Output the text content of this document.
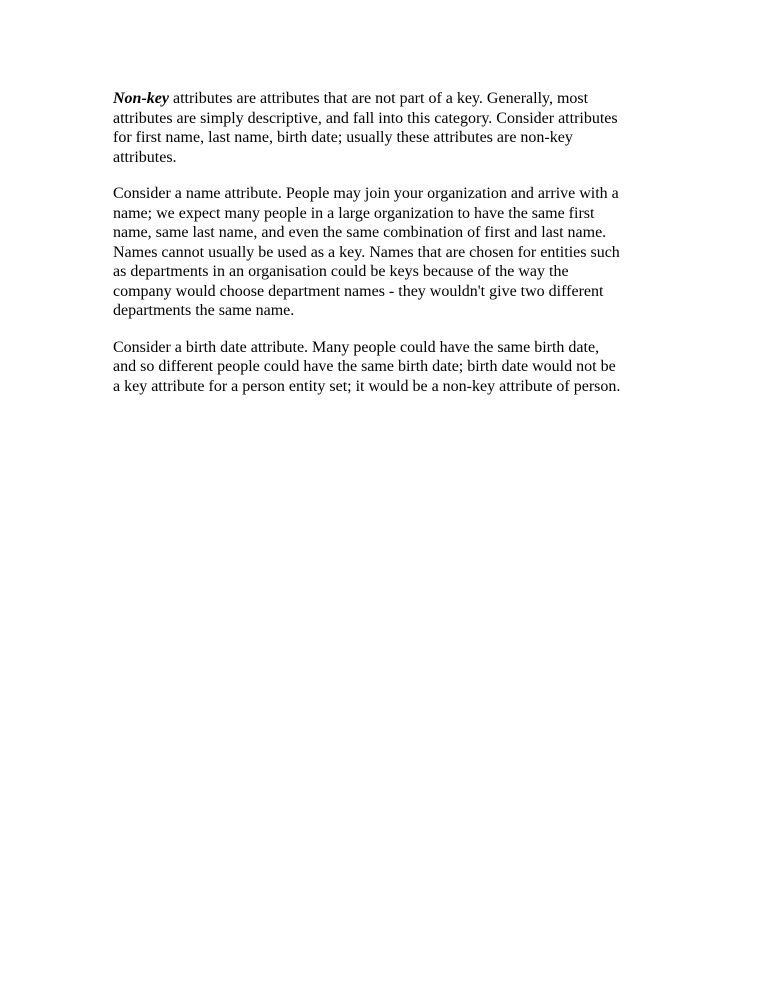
Non-key attributes are attributes that are not part of a key. Generally, most
attributes are simply descriptive, and fall into this category. Consider attributes
for first name, last name, birth date; usually these attributes are non-key
attributes.

Consider a name attribute. People may join your organization and arrive with a
name; we expect many people in a large organization to have the same first
name, same last name, and even the same combination of first and last name.
Names cannot usually be used as a key. Names that are chosen for entities such
as departments in an organisation could be keys because of the way the
company would choose department names - they wouldn't give two different
departments the same name.

Consider a birth date attribute. Many people could have the same birth date,
and so different people could have the same birth date; birth date would not be
a key attribute for a person entity set; it would be a non-key attribute of person.
